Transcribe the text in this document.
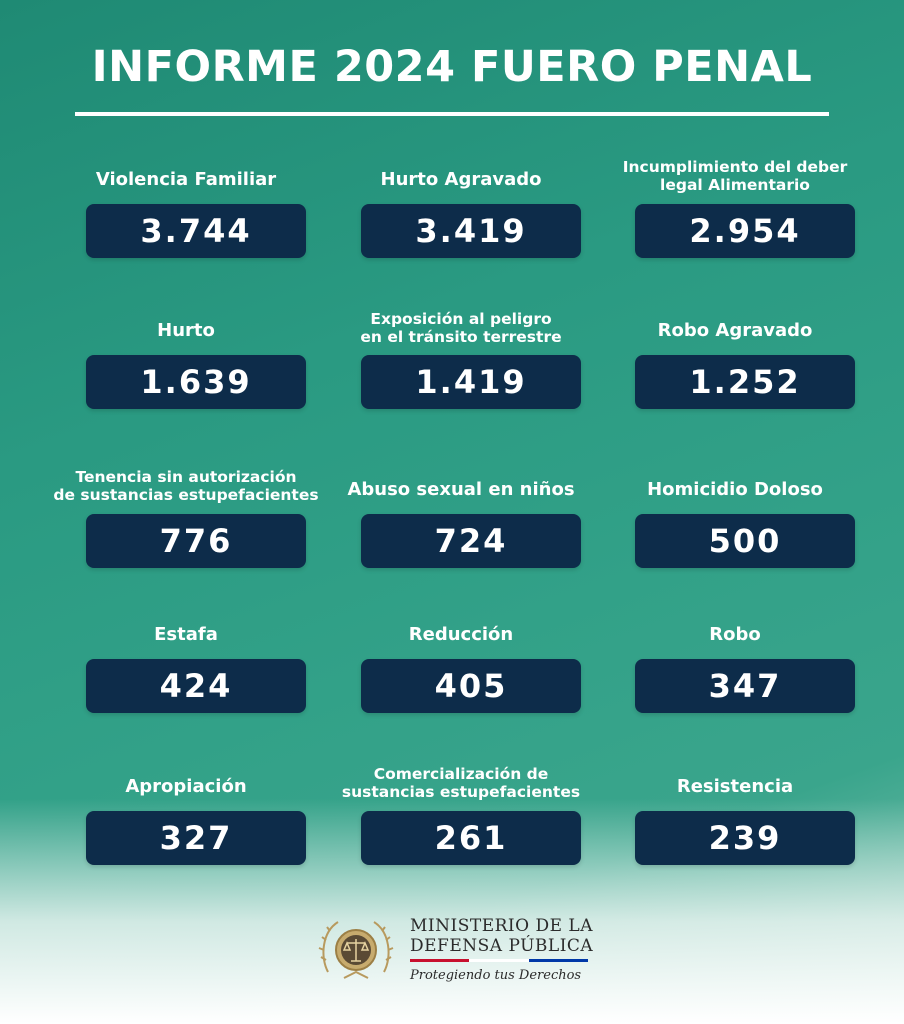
INFORME 2024 FUERO PENAL
Violencia Familiar
3.744
Hurto Agravado
3.419
Incumplimiento del deber
legal Alimentario
2.954
Hurto
1.639
Exposición al peligro
en el tránsito terrestre
1.419
Robo Agravado
1.252
Tenencia sin autorización
de sustancias estupefacientes
776
Abuso sexual en niños
724
Homicidio Doloso
500
Estafa
424
Reducción
405
Robo
347
Apropiación
327
Comercialización de
sustancias estupefacientes
261
Resistencia
239
MINISTERIO DE LA
DEFENSA PÚBLICA
Protegiendo tus Derechos
